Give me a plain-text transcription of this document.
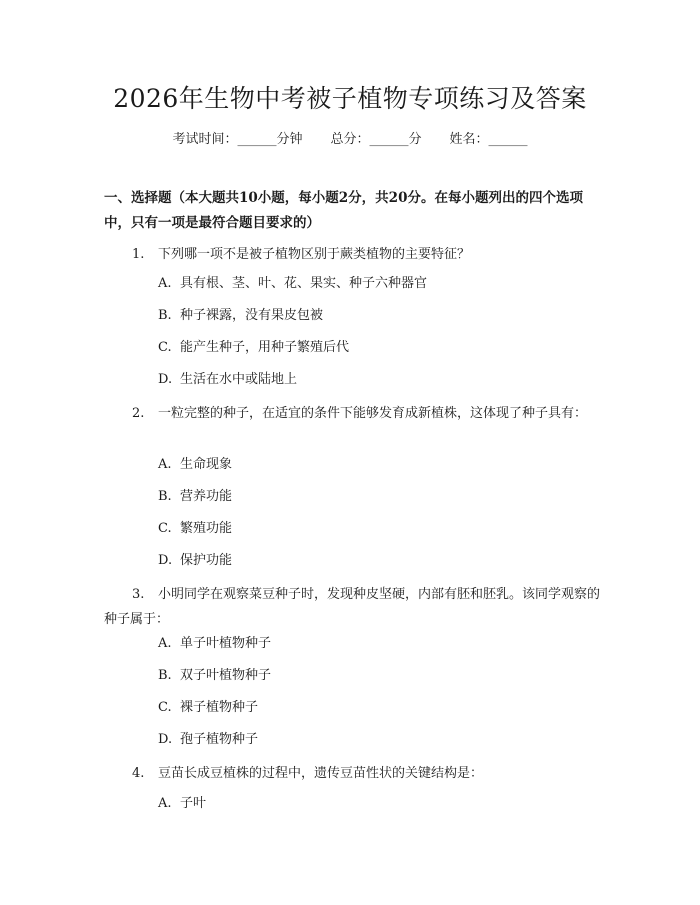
2026年生物中考被子植物专项练习及答案
考试时间：______分钟 总分：______分 姓名：______
一、选择题（本大题共10小题，每小题2分，共20分。在每小题列出的四个选项中，只有一项是最符合题目要求的）
1. 下列哪一项不是被子植物区别于蕨类植物的主要特征？
A. 具有根、茎、叶、花、果实、种子六种器官
B. 种子裸露，没有果皮包被
C. 能产生种子，用种子繁殖后代
D. 生活在水中或陆地上
2.	一粒完整的种子，在适宜的条件下能够发育成新植株，这体现了种子具有：
A. 生命现象
B. 营养功能
C. 繁殖功能
D. 保护功能
3.	小明同学在观察菜豆种子时，发现种皮坚硬，内部有胚和胚乳。该同学观察的种子属于：
A. 单子叶植物种子
B. 双子叶植物种子
C. 裸子植物种子
D. 孢子植物种子
4. 豆苗长成豆植株的过程中，遗传豆苗性状的关键结构是：
A. 子叶
